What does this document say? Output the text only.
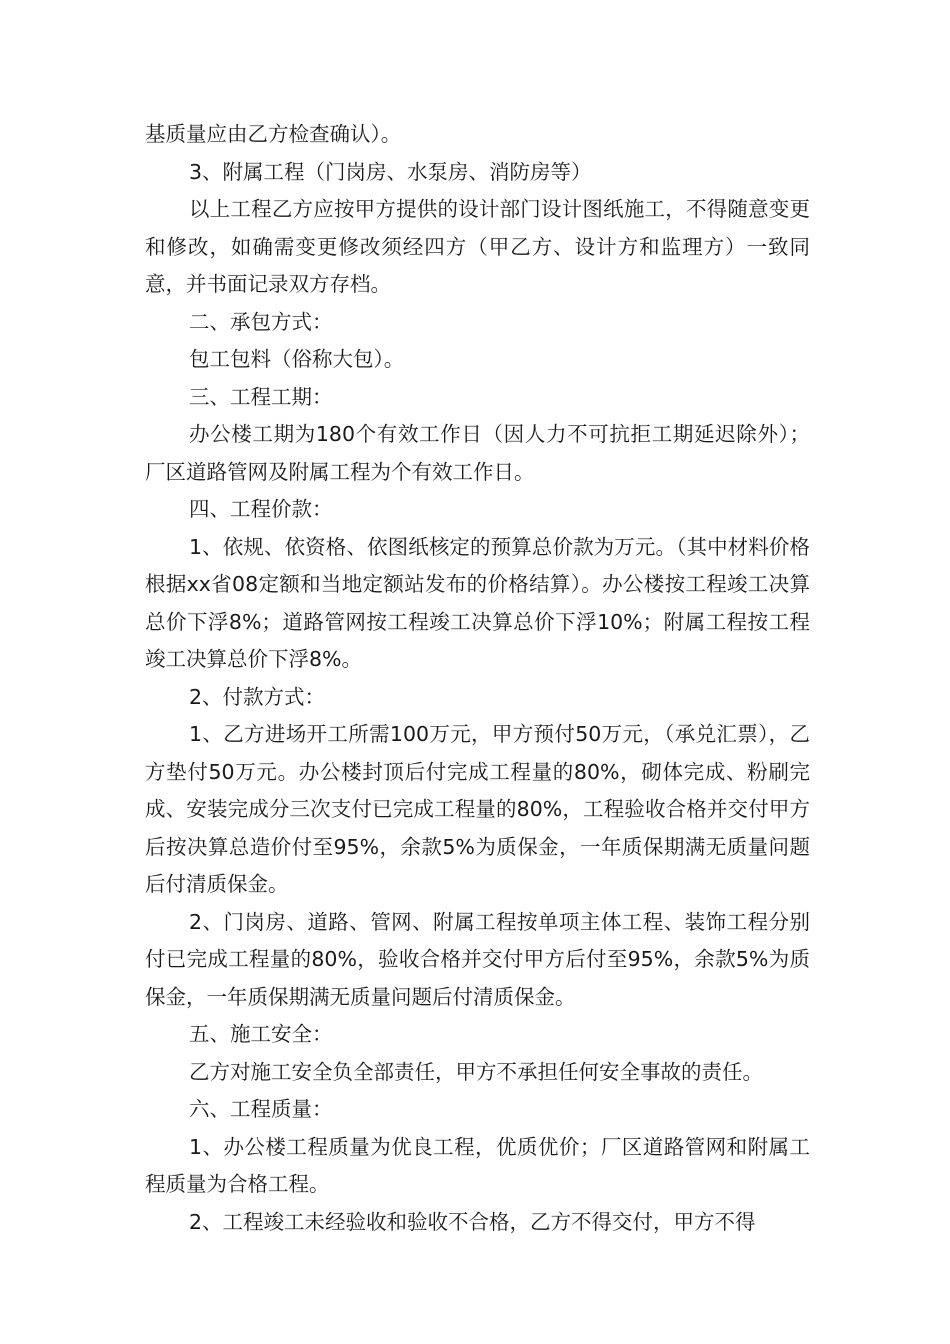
基质量应由乙方检查确认）。

3、附属工程（门岗房、水泵房、消防房等）

以上工程乙方应按甲方提供的设计部门设计图纸施工，不得随意变更和修改，如确需变更修改须经四方（甲乙方、设计方和监理方）一致同意，并书面记录双方存档。

二、承包方式：

包工包料（俗称大包）。

三、工程工期：

办公楼工期为180个有效工作日（因人力不可抗拒工期延迟除外）；厂区道路管网及附属工程为个有效工作日。

四、工程价款：

1、依规、依资格、依图纸核定的预算总价款为万元。（其中材料价格根据xx省08定额和当地定额站发布的价格结算）。办公楼按工程竣工决算总价下浮8%；道路管网按工程竣工决算总价下浮10%；附属工程按工程竣工决算总价下浮8%。

2、付款方式：

1、乙方进场开工所需100万元，甲方预付50万元，（承兑汇票），乙方垫付50万元。办公楼封顶后付完成工程量的80%，砌体完成、粉刷完成、安装完成分三次支付已完成工程量的80%，工程验收合格并交付甲方后按决算总造价付至95%，余款5%为质保金，一年质保期满无质量问题后付清质保金。

2、门岗房、道路、管网、附属工程按单项主体工程、装饰工程分别付已完成工程量的80%，验收合格并交付甲方后付至95%，余款5%为质保金，一年质保期满无质量问题后付清质保金。

五、施工安全：

乙方对施工安全负全部责任，甲方不承担任何安全事故的责任。

六、工程质量：

1、办公楼工程质量为优良工程，优质优价；厂区道路管网和附属工程质量为合格工程。

2、工程竣工未经验收和验收不合格，乙方不得交付，甲方不得
